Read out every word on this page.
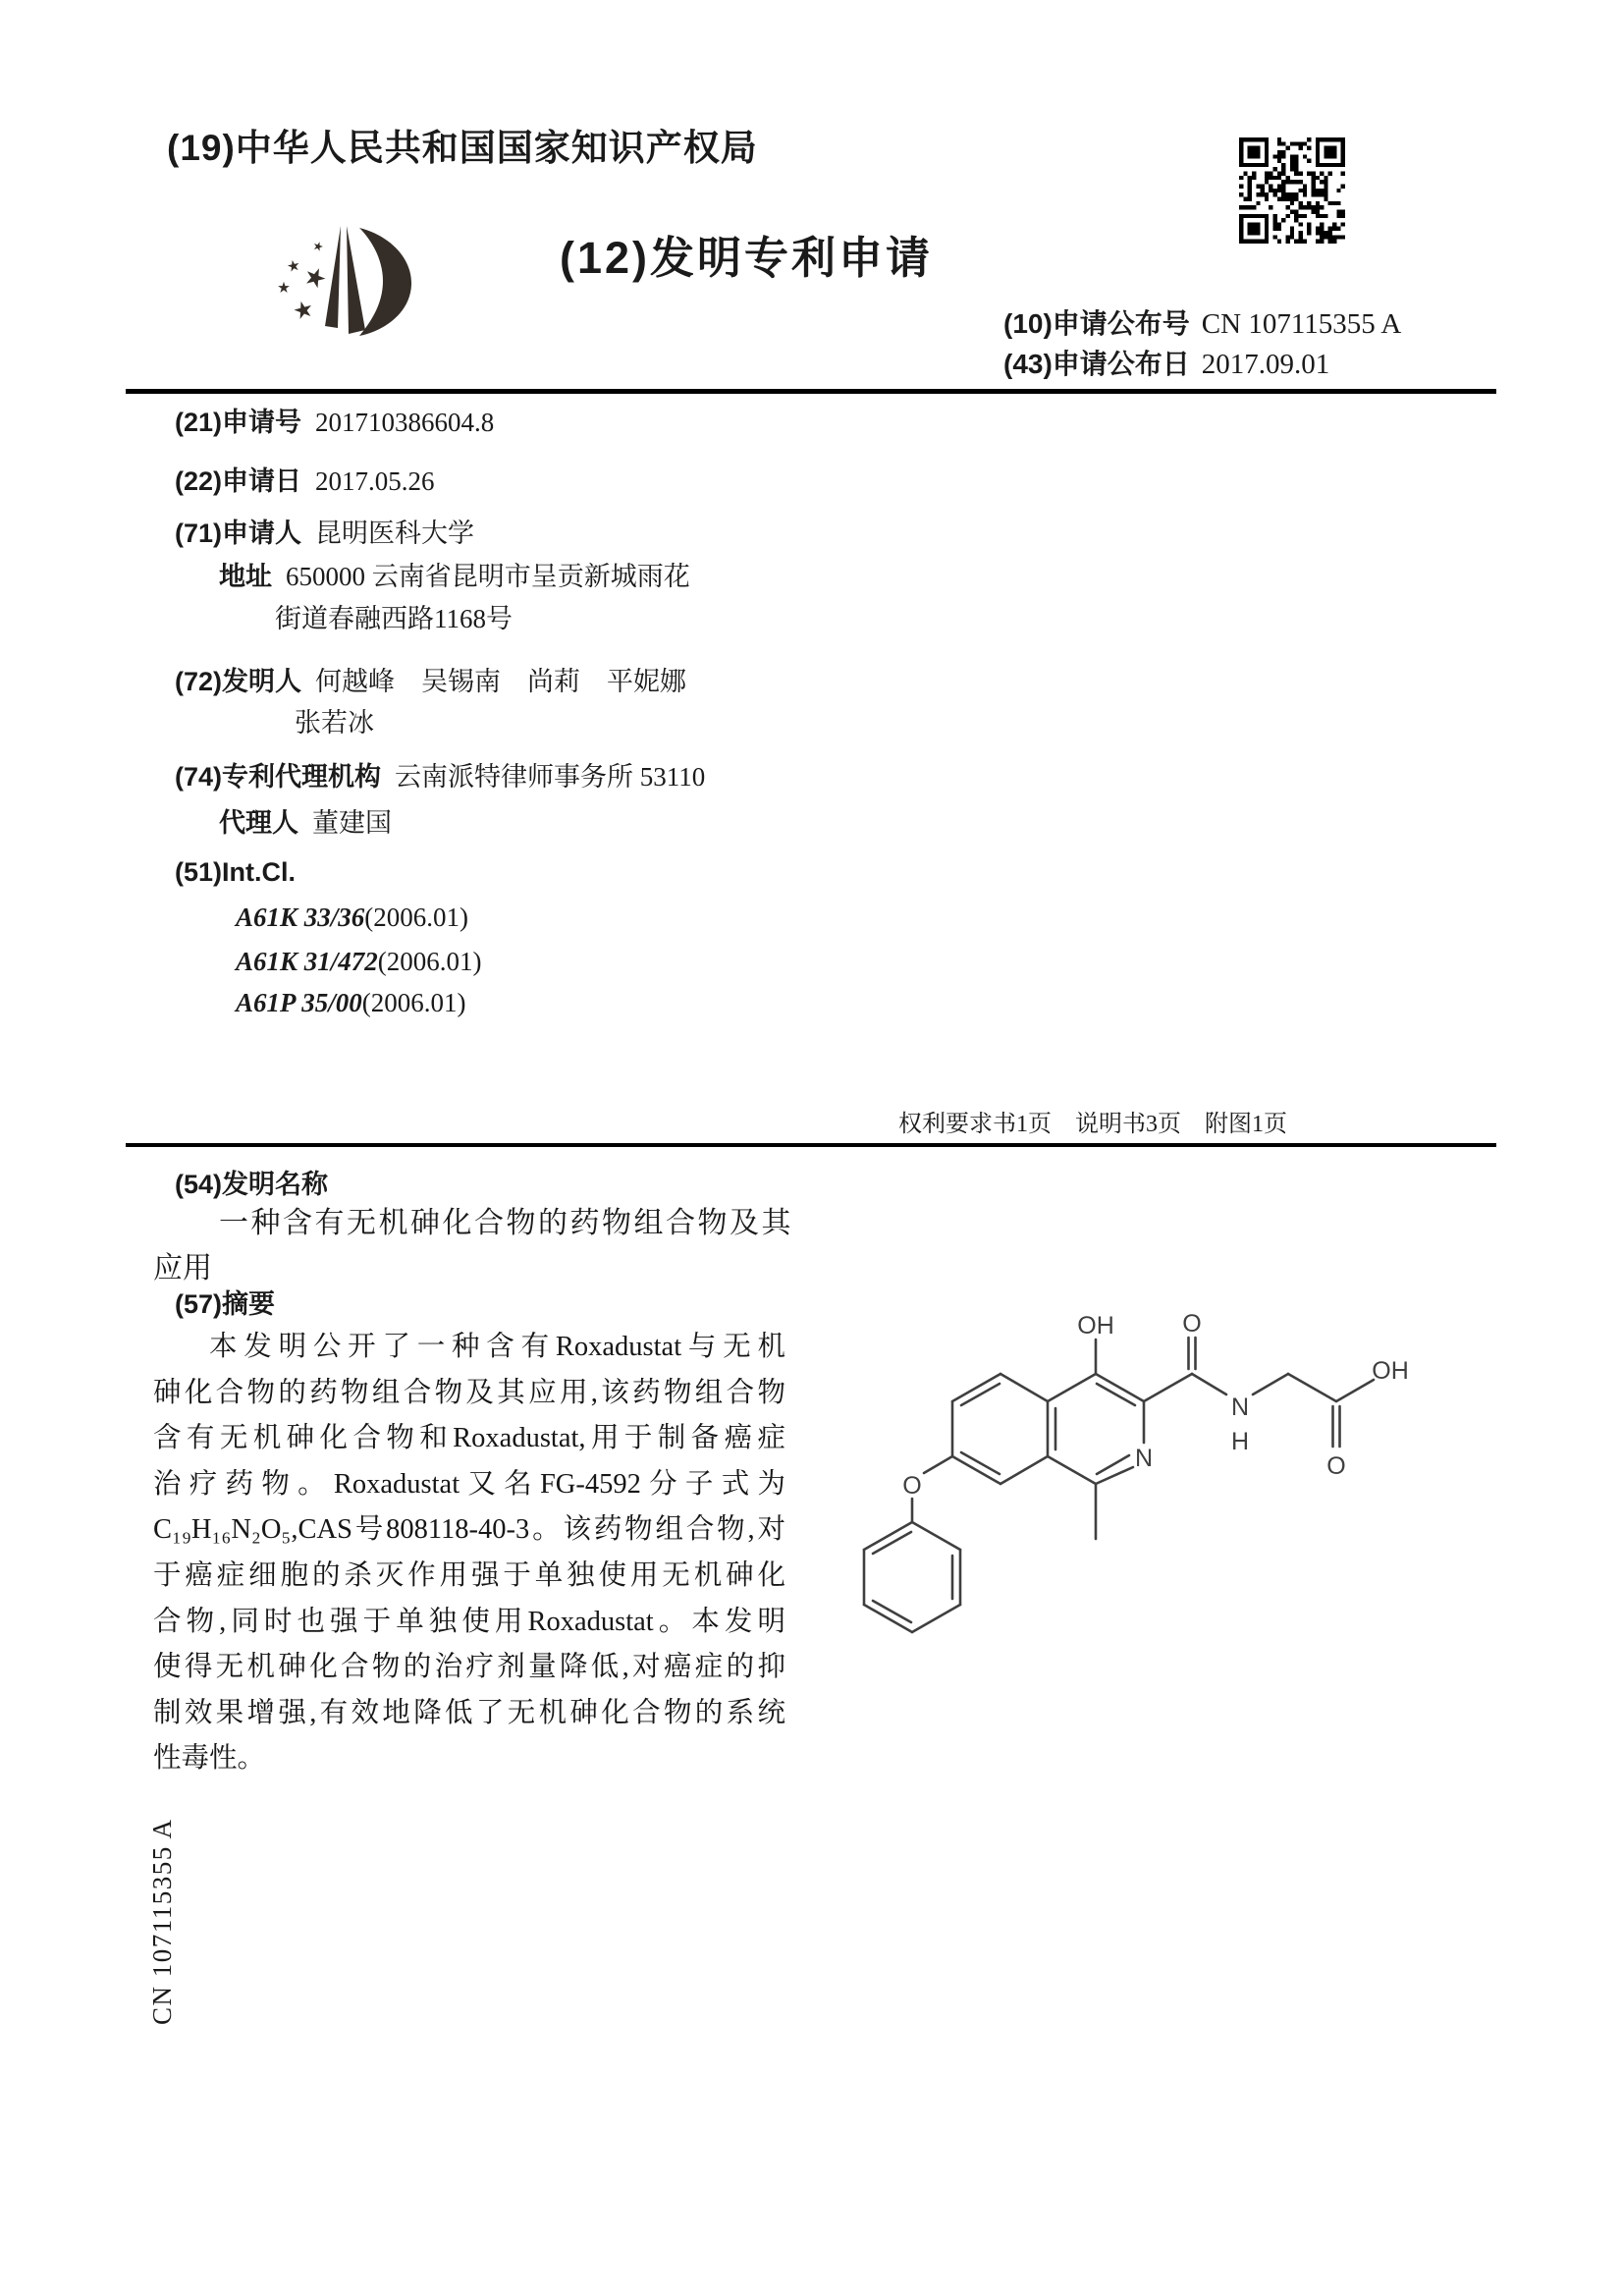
(19)中华人民共和国国家知识产权局
(12)发明专利申请
(10)申请公布号 CN 107115355 A
(43)申请公布日 2017.09.01
(21)申请号 201710386604.8
(22)申请日 2017.05.26
(71)申请人 昆明医科大学
地址 650000 云南省昆明市呈贡新城雨花
街道春融西路1168号
(72)发明人 何越峰　吴锡南　尚莉　平妮娜
张若冰
(74)专利代理机构 云南派特律师事务所 53110
代理人 董建国
(51)Int.Cl.
A61K 33/36(2006.01)
A61K 31/472(2006.01)
A61P 35/00(2006.01)
权利要求书1页　说明书3页　附图1页
(54)发明名称
一种含有无机砷化合物的药物组合物及其
应用
(57)摘要
本发明公开了一种含有Roxadustat与无机
砷化合物的药物组合物及其应用,该药物组合物
含有无机砷化合物和Roxadustat,用于制备癌症
治疗药物。Roxadustat又名FG-4592分子式为
C₁₉H₁₆N₂O₅,CAS号808118-40-3。该药物组合物,对
于癌症细胞的杀灭作用强于单独使用无机砷化
合物,同时也强于单独使用Roxadustat。本发明
使得无机砷化合物的治疗剂量降低,对癌症的抑
制效果增强,有效地降低了无机砷化合物的系统
性毒性。
OH	O
N
H
OH
O
N
O
CN 107115355 A
